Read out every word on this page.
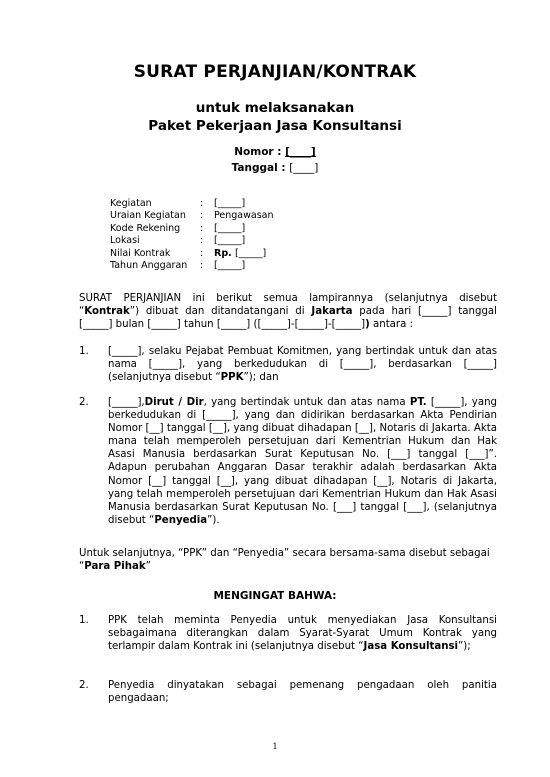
SURAT PERJANJIAN/KONTRAK
untuk melaksanakan
Paket Pekerjaan Jasa Konsultansi
Nomor : [____]
Tanggal : [____]
Kegiatan	:	[_____]
Uraian Kegiatan	:	Pengawasan
Kode Rekening	:	[_____]
Lokasi	:	[_____]
Nilai Kontrak	:	Rp. [_____]
Tahun Anggaran	:	[_____]
SURAT PERJANJIAN ini berikut semua lampirannya (selanjutnya disebut “Kontrak”) dibuat dan ditandatangani di Jakarta pada hari [_____] tanggal [_____] bulan [_____] tahun [_____] ([_____]-[_____]-[_____]) antara :
1. [_____], selaku Pejabat Pembuat Komitmen, yang bertindak untuk dan atas nama [_____], yang berkedudukan di [_____], berdasarkan [_____] (selanjutnya disebut “PPK”); dan
2. [_____],Dirut / Dir, yang bertindak untuk dan atas nama PT. [_____], yang berkedudukan di [_____], yang dan didirikan berdasarkan Akta Pendirian Nomor [__] tanggal [__], yang dibuat dihadapan [__], Notaris di Jakarta. Akta mana telah memperoleh persetujuan dari Kementrian Hukum dan Hak Asasi Manusia berdasarkan Surat Keputusan No. [___] tanggal [___]”. Adapun perubahan Anggaran Dasar terakhir adalah berdasarkan Akta Nomor [__] tanggal [__], yang dibuat dihadapan [__], Notaris di Jakarta, yang telah memperoleh persetujuan dari Kementrian Hukum dan Hak Asasi Manusia berdasarkan Surat Keputusan No. [___] tanggal [___], (selanjutnya disebut “Penyedia”).
Untuk selanjutnya, “PPK” dan “Penyedia” secara bersama-sama disebut sebagai “Para Pihak”
MENGINGAT BAHWA:
1. PPK telah meminta Penyedia untuk menyediakan Jasa Konsultansi sebagaimana diterangkan dalam Syarat-Syarat Umum Kontrak yang terlampir dalam Kontrak ini (selanjutnya disebut “Jasa Konsultansi”);
2. Penyedia dinyatakan sebagai pemenang pengadaan oleh panitia pengadaan;
1
